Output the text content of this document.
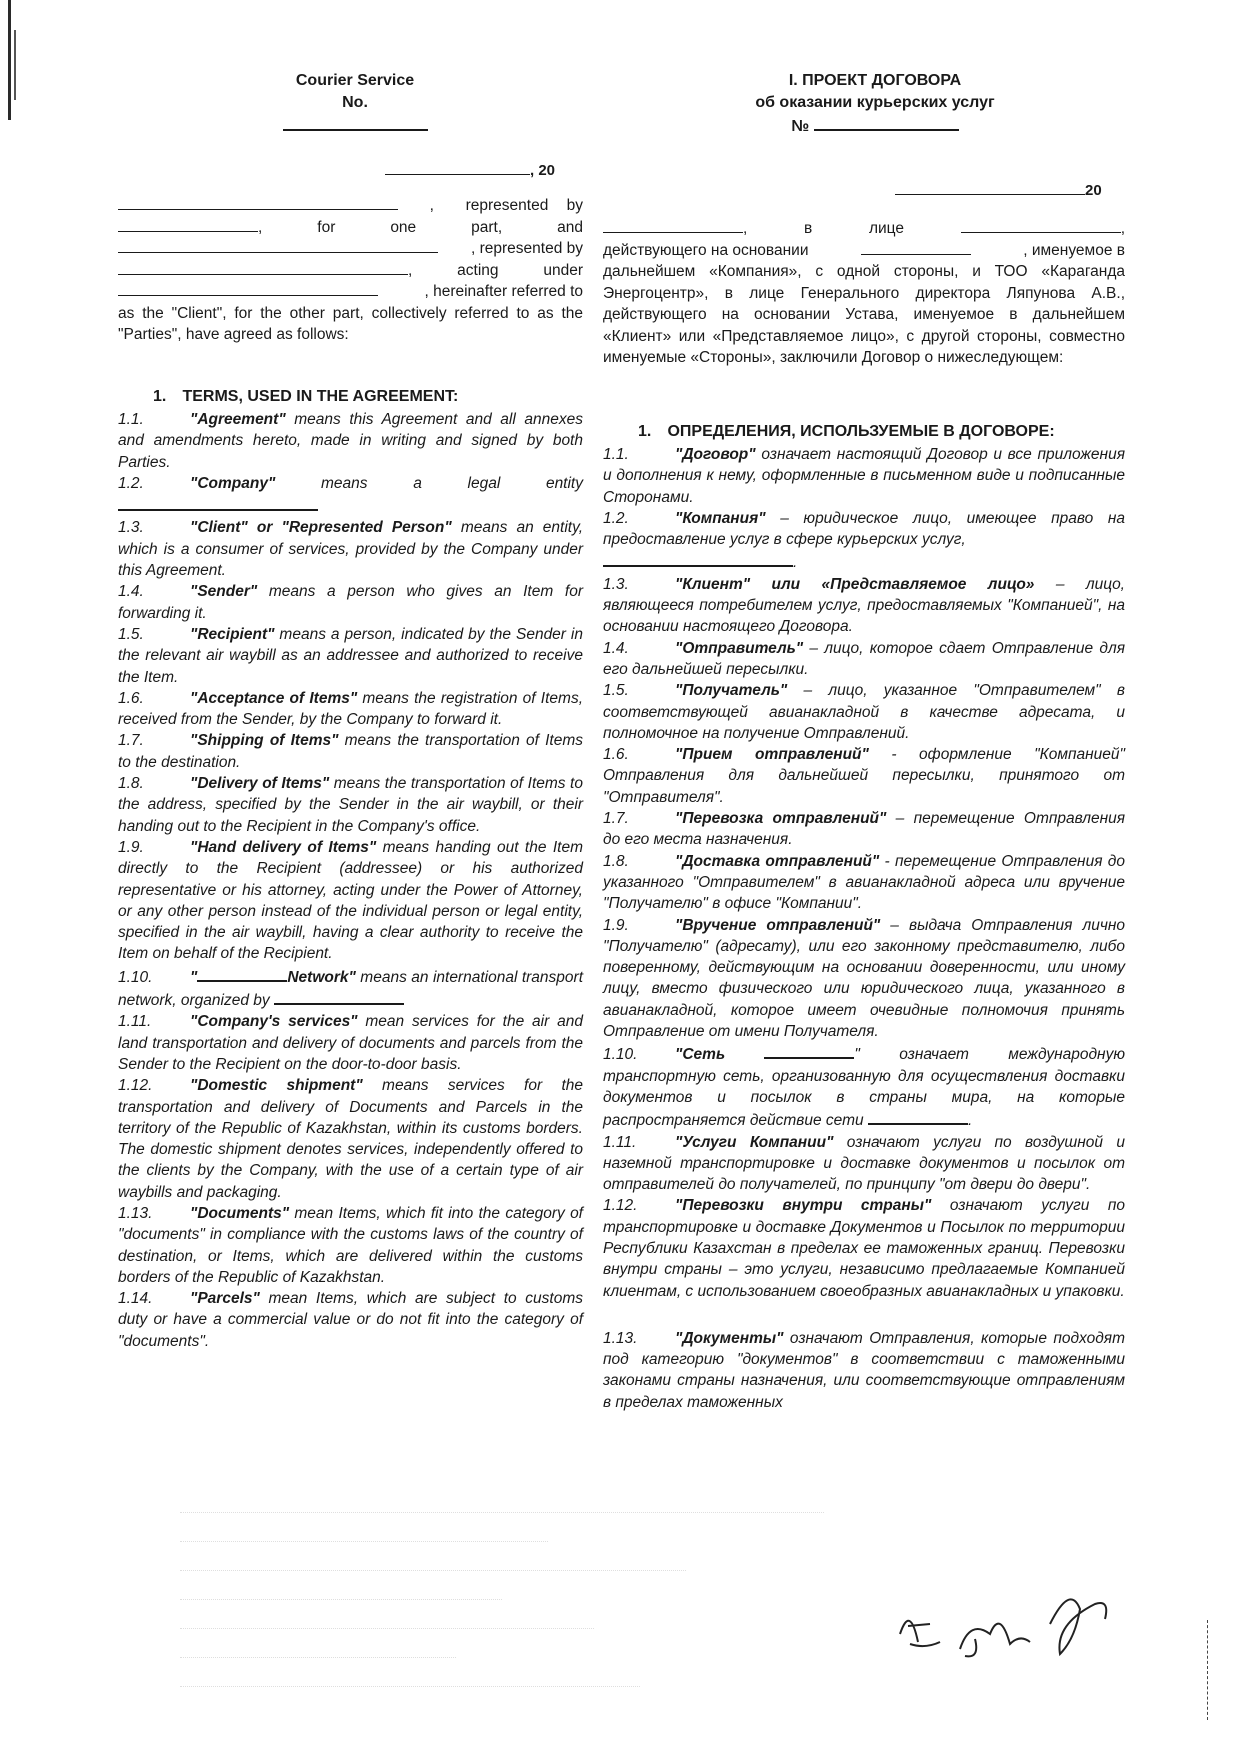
Courier Service
No.
I. ПРОЕКТ ДОГОВОРА
об оказании курьерских услуг
№
, 20
20
, represented by
,	for	one	part,	and
, represented by
,	acting	under
, hereinafter referred to
as the "Client", for the other part, collectively referred to as the "Parties", have agreed as follows:
1. TERMS, USED IN THE AGREEMENT:

1.1.	"Agreement" means this Agreement and all annexes and amendments hereto, made in writing and signed by both Parties.

1.2.	"Company" means a legal entity

1.3.	"Client" or "Represented Person" means an entity, which is a consumer of services, provided by the Company under this Agreement.

1.4.	"Sender" means a person who gives an Item for forwarding it.

1.5.	"Recipient" means a person, indicated by the Sender in the relevant air waybill as an addressee and authorized to receive the Item.

1.6.	"Acceptance of Items" means the registration of Items, received from the Sender, by the Company to forward it.

1.7.	"Shipping of Items" means the transportation of Items to the destination.

1.8.	"Delivery of Items" means the transportation of Items to the address, specified by the Sender in the air waybill, or their handing out to the Recipient in the Company's office.

1.9.	"Hand delivery of Items" means handing out the Item directly to the Recipient (addressee) or his authorized representative or his attorney, acting under the Power of Attorney, or any other person instead of the individual person or legal entity, specified in the air waybill, having a clear authority to receive the Item on behalf of the Recipient.

1.10. "	Network" means an international transport network, organized by

1.11. "Company's services" mean services for the air and land transportation and delivery of documents and parcels from the Sender to the Recipient on the door-to-door basis.

1.12. "Domestic shipment" means services for the transportation and delivery of Documents and Parcels in the territory of the Republic of Kazakhstan, within its customs borders. The domestic shipment denotes services, independently offered to the clients by the Company, with the use of a certain type of air waybills and packaging.

1.13. "Documents" mean Items, which fit into the category of "documents" in compliance with the customs laws of the country of destination, or Items, which are delivered within the customs borders of the Republic of Kazakhstan.

1.14. "Parcels" mean Items, which are subject to customs duty or have a commercial value or do not fit into the category of "documents".

,	в	лице	,
действующего на основании	, именуемое в
дальнейшем «Компания», с одной стороны, и ТОО «Караганда Энергоцентр», в лице Генерального директора Ляпунова А.В., действующего на основании Устава, именуемое в дальнейшем «Клиент» или «Представляемое лицо», с другой стороны, совместно именуемые «Стороны», заключили Договор о нижеследующем:
1. ОПРЕДЕЛЕНИЯ, ИСПОЛЬЗУЕМЫЕ В ДОГОВОРЕ:

1.1.	"Договор" означает настоящий Договор и все приложения и дополнения к нему, оформленные в письменном виде и подписанные Сторонами.

1.2.	"Компания" – юридическое лицо, имеющее право на предоставление услуг в сфере курьерских услуг,

.

1.3.	"Клиент" или «Представляемое лицо» – лицо, являющееся потребителем услуг, предоставляемых "Компанией", на основании настоящего Договора.

1.4.	"Отправитель" – лицо, которое сдает Отправление для его дальнейшей пересылки.

1.5.	"Получатель" – лицо, указанное "Отправителем" в соответствующей авианакладной в качестве адресата, и полномочное на получение Отправлений.

1.6.	"Прием отправлений" - оформление "Компанией" Отправления для дальнейшей пересылки, принятого от "Отправителя".

1.7.	"Перевозка отправлений" – перемещение Отправления до его места назначения.

1.8.	"Доставка отправлений" - перемещение Отправления до указанного "Отправителем" в авианакладной адреса или вручение "Получателю" в офисе "Компании".

1.9.	"Вручение отправлений" – выдача Отправления лично "Получателю" (адресату), или его законному представителю, либо поверенному, действующим на основании доверенности, или иному лицу, вместо физического или юридического лица, указанного в авианакладной, которое имеет очевидные полномочия принять Отправление от имени Получателя.

1.10. "Сеть	" означает международную транспортную сеть, организованную для осуществления доставки документов и посылок в страны мира, на которые распространяется действие сети	.

1.11. "Услуги Компании" означают услуги по воздушной и наземной транспортировке и доставке документов и посылок от отправителей до получателей, по принципу "от двери до двери".

1.12. "Перевозки внутри страны" означают услуги по транспортировке и доставке Документов и Посылок по территории Республики Казахстан в пределах ее таможенных границ. Перевозки внутри страны – это услуги, независимо предлагаемые Компанией клиентам, с использованием своеобразных авианакладных и упаковки.

1.13. "Документы" означают Отправления, которые подходят под категорию "документов" в соответствии с таможенными законами страны назначения, или соответствующие отправлениям в пределах таможенных
